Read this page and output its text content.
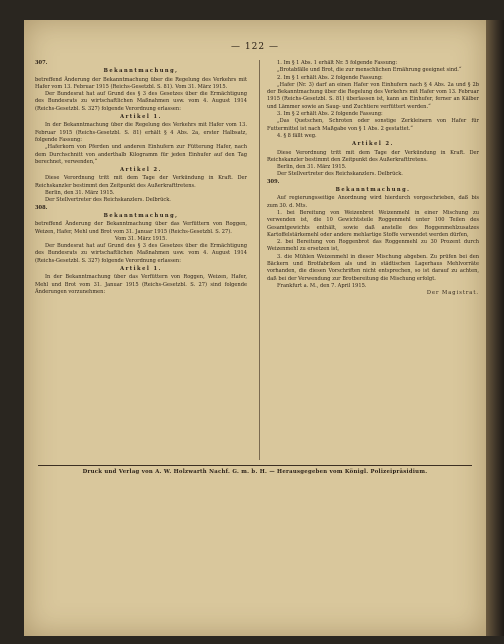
— 122 —
307.
Bekanntmachung,
betreffend Änderung der Bekanntmachung über die Regelung des Verkehrs mit Hafer vom 13. Februar 1915 (Reichs-Gesetzbl. S. 81). Vom 31. März 1915.
Der Bundesrat hat auf Grund des § 3 des Gesetzes über die Ermächtigung des Bundesrats zu wirtschaftlichen Maßnahmen usw. vom 4. August 1914 (Reichs-Gesetzbl. S. 327) folgende Verordnung erlassen:
Artikel 1.
In der Bekanntmachung über die Regelung des Verkehrs mit Hafer vom 13. Februar 1915 (Reichs-Gesetzbl. S. 81) erhält § 4 Abs. 2a, erster Halbsatz, folgende Fassung:
„Haferkorn von Pferden und anderen Einhufern zur Fütterung Hafer, nach dem Durchschnitt von anderthalb Kilogramm für jeden Einhufer auf den Tag berechnet, verwenden,“
Artikel 2.
Diese Verordnung tritt mit dem Tage der Verkündung in Kraft. Der Reichskanzler bestimmt den Zeitpunkt des Außerkrafttretens.
Berlin, den 31. März 1915.
Der Stellvertreter des Reichskanzlers. Delbrück.
308.
Bekanntmachung,
betreffend Änderung der Bekanntmachung über das Verfüttern von Roggen, Weizen, Hafer, Mehl und Brot vom 31. Januar 1915 (Reichs-Gesetzbl. S. 27).
Vom 31. März 1915.
Der Bundesrat hat auf Grund des § 3 des Gesetzes über die Ermächtigung des Bundesrats zu wirtschaftlichen Maßnahmen usw. vom 4. August 1914 (Reichs-Gesetzbl. S. 327) folgende Verordnung erlassen:
Artikel 1.
In der Bekanntmachung über das Verfüttern von Roggen, Weizen, Hafer, Mehl und Brot vom 31. Januar 1915 (Reichs-Gesetzbl. S. 27) sind folgende Änderungen vorzunehmen:
1. Im § 1 Abs. 1 erhält Nr. 5 folgende Fassung:
„Brotabfälle und Brot, die zur menschlichen Ernährung geeignet sind.“
2. Im § 1 erhält Abs. 2 folgende Fassung:
„Hafer (Nr. 3) darf an einen Hafer von Einhufern nach § 4 Abs. 2a und § 2b der Bekanntmachung über die Regelung des Verkehrs mit Hafer vom 13. Februar 1915 (Reichs-Gesetzbl. S. 81) überlassen ist, kann an Einhufer, ferner an Kälber und Lämmer sowie an Saug- und Zuchtiere verfüttert werden.“
3. Im § 2 erhält Abs. 2 folgende Fassung:
„Das Quetschen, Schroten oder sonstige Zerkleinern von Hafer für Futtermittel ist nach Maßgabe von § 1 Abs. 2 gestattet.“
4. § 8 fällt weg.
Artikel 2.
Diese Verordnung tritt mit dem Tage der Verkündung in Kraft. Der Reichskanzler bestimmt den Zeitpunkt des Außerkrafttretens.
Berlin, den 31. März 1915.
Der Stellvertreter des Reichskanzlers. Delbrück.
309.
Bekanntmachung.
Auf regierungsseitige Anordnung wird hierdurch vorgeschrieben, daß bis zum 30. d. Mts.
1. bei Bereitung von Weizenbrot Weizenmehl in einer Mischung zu verwenden ist, die 10 Gewichtsteile Roggenmehl unter 100 Teilen des Gesamtgewichts enthält, sowie daß anstelle des Roggenmehlzusatzes Kartoffelstärkemehl oder andere mehlartige Stoffe verwendet werden dürfen,
2. bei Bereitung von Roggenbrot das Roggenmehl zu 30 Prozent durch Weizenmehl zu ersetzen ist,
3. die Mühlen Weizenmehl in dieser Mischung abgeben. Zu prüfen bei den Bäckern und Brotfabriken als und in städtischen Lagerhaus Mehlvorräte vorhanden, die diesen Vorschriften nicht entsprechen, so ist darauf zu achten, daß bei der Verwendung zur Brotbereitung die Mischung erfolgt.
Frankfurt a. M., den 7. April 1915.
Der Magistrat.
Druck und Verlag von A. W. Holzwarth Nachf. G. m. b. H. — Herausgegeben vom Königl. Polizeipräsidium.
